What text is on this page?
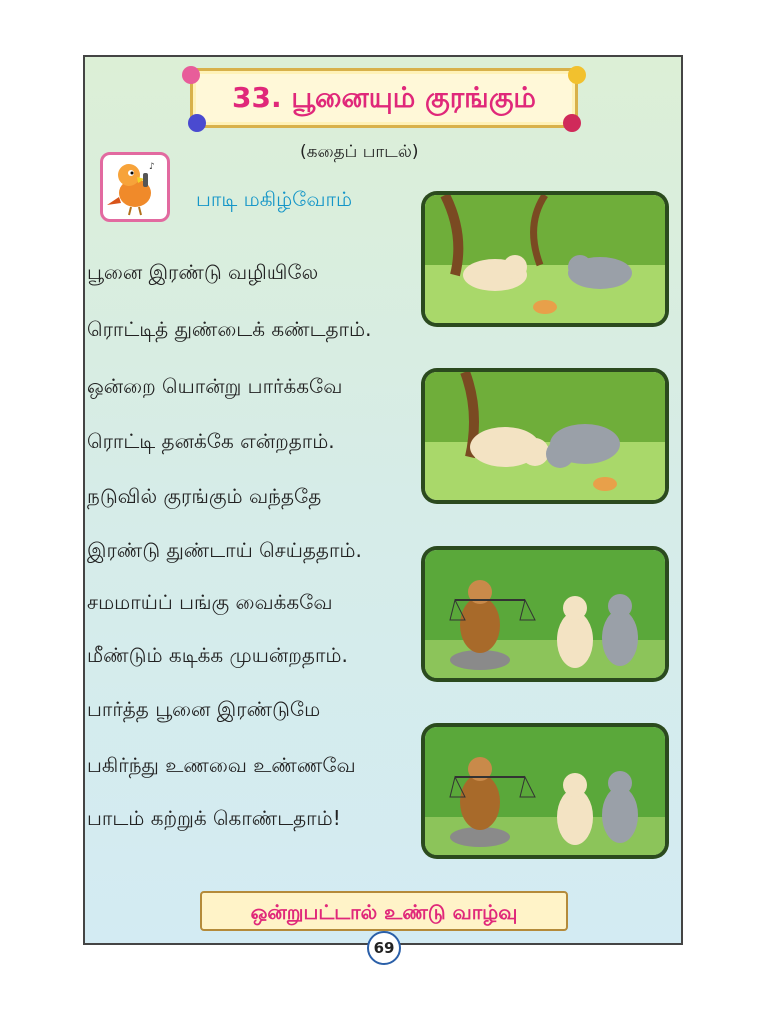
33. பூனையும் குரங்கும்
(கதைப் பாடல்)
♪
பாடி மகிழ்வோம்
பூனை இரண்டு வழியிலே
ரொட்டித் துண்டைக் கண்டதாம்.
ஒன்றை யொன்று பார்க்கவே
ரொட்டி தனக்கே என்றதாம்.
நடுவில் குரங்கும் வந்ததே
இரண்டு துண்டாய் செய்ததாம்.
சமமாய்ப் பங்கு வைக்கவே
மீண்டும் கடிக்க முயன்றதாம்.
பார்த்த பூனை இரண்டுமே
பகிர்ந்து உணவை உண்ணவே
பாடம் கற்றுக் கொண்டதாம்!
ஒன்றுபட்டால் உண்டு வாழ்வு
69
